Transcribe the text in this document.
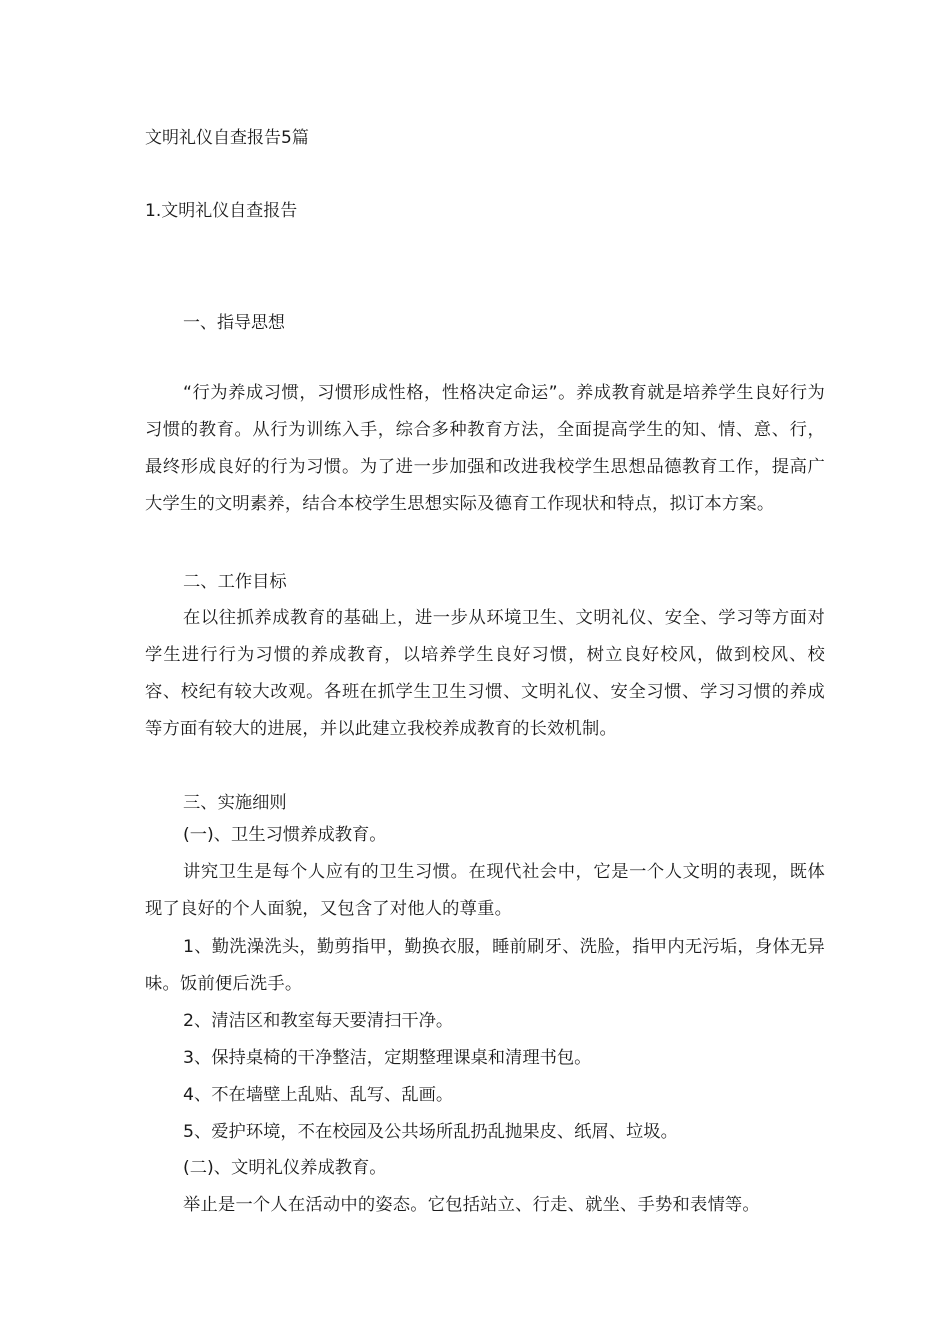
文明礼仪自查报告5篇
1.文明礼仪自查报告
一、指导思想
“行为养成习惯，习惯形成性格，性格决定命运”。养成教育就是培养学生良好行为习惯的教育。从行为训练入手，综合多种教育方法，全面提高学生的知、情、意、行，最终形成良好的行为习惯。为了进一步加强和改进我校学生思想品德教育工作，提高广大学生的文明素养，结合本校学生思想实际及德育工作现状和特点，拟订本方案。
二、工作目标
在以往抓养成教育的基础上，进一步从环境卫生、文明礼仪、安全、学习等方面对学生进行行为习惯的养成教育，以培养学生良好习惯，树立良好校风，做到校风、校容、校纪有较大改观。各班在抓学生卫生习惯、文明礼仪、安全习惯、学习习惯的养成等方面有较大的进展，并以此建立我校养成教育的长效机制。
三、实施细则
(一)、卫生习惯养成教育。
讲究卫生是每个人应有的卫生习惯。在现代社会中，它是一个人文明的表现，既体现了良好的个人面貌，又包含了对他人的尊重。
1、勤洗澡洗头，勤剪指甲，勤换衣服，睡前刷牙、洗脸，指甲内无污垢，身体无异味。饭前便后洗手。
2、清洁区和教室每天要清扫干净。
3、保持桌椅的干净整洁，定期整理课桌和清理书包。
4、不在墙壁上乱贴、乱写、乱画。
5、爱护环境，不在校园及公共场所乱扔乱抛果皮、纸屑、垃圾。
(二)、文明礼仪养成教育。
举止是一个人在活动中的姿态。它包括站立、行走、就坐、手势和表情等。
